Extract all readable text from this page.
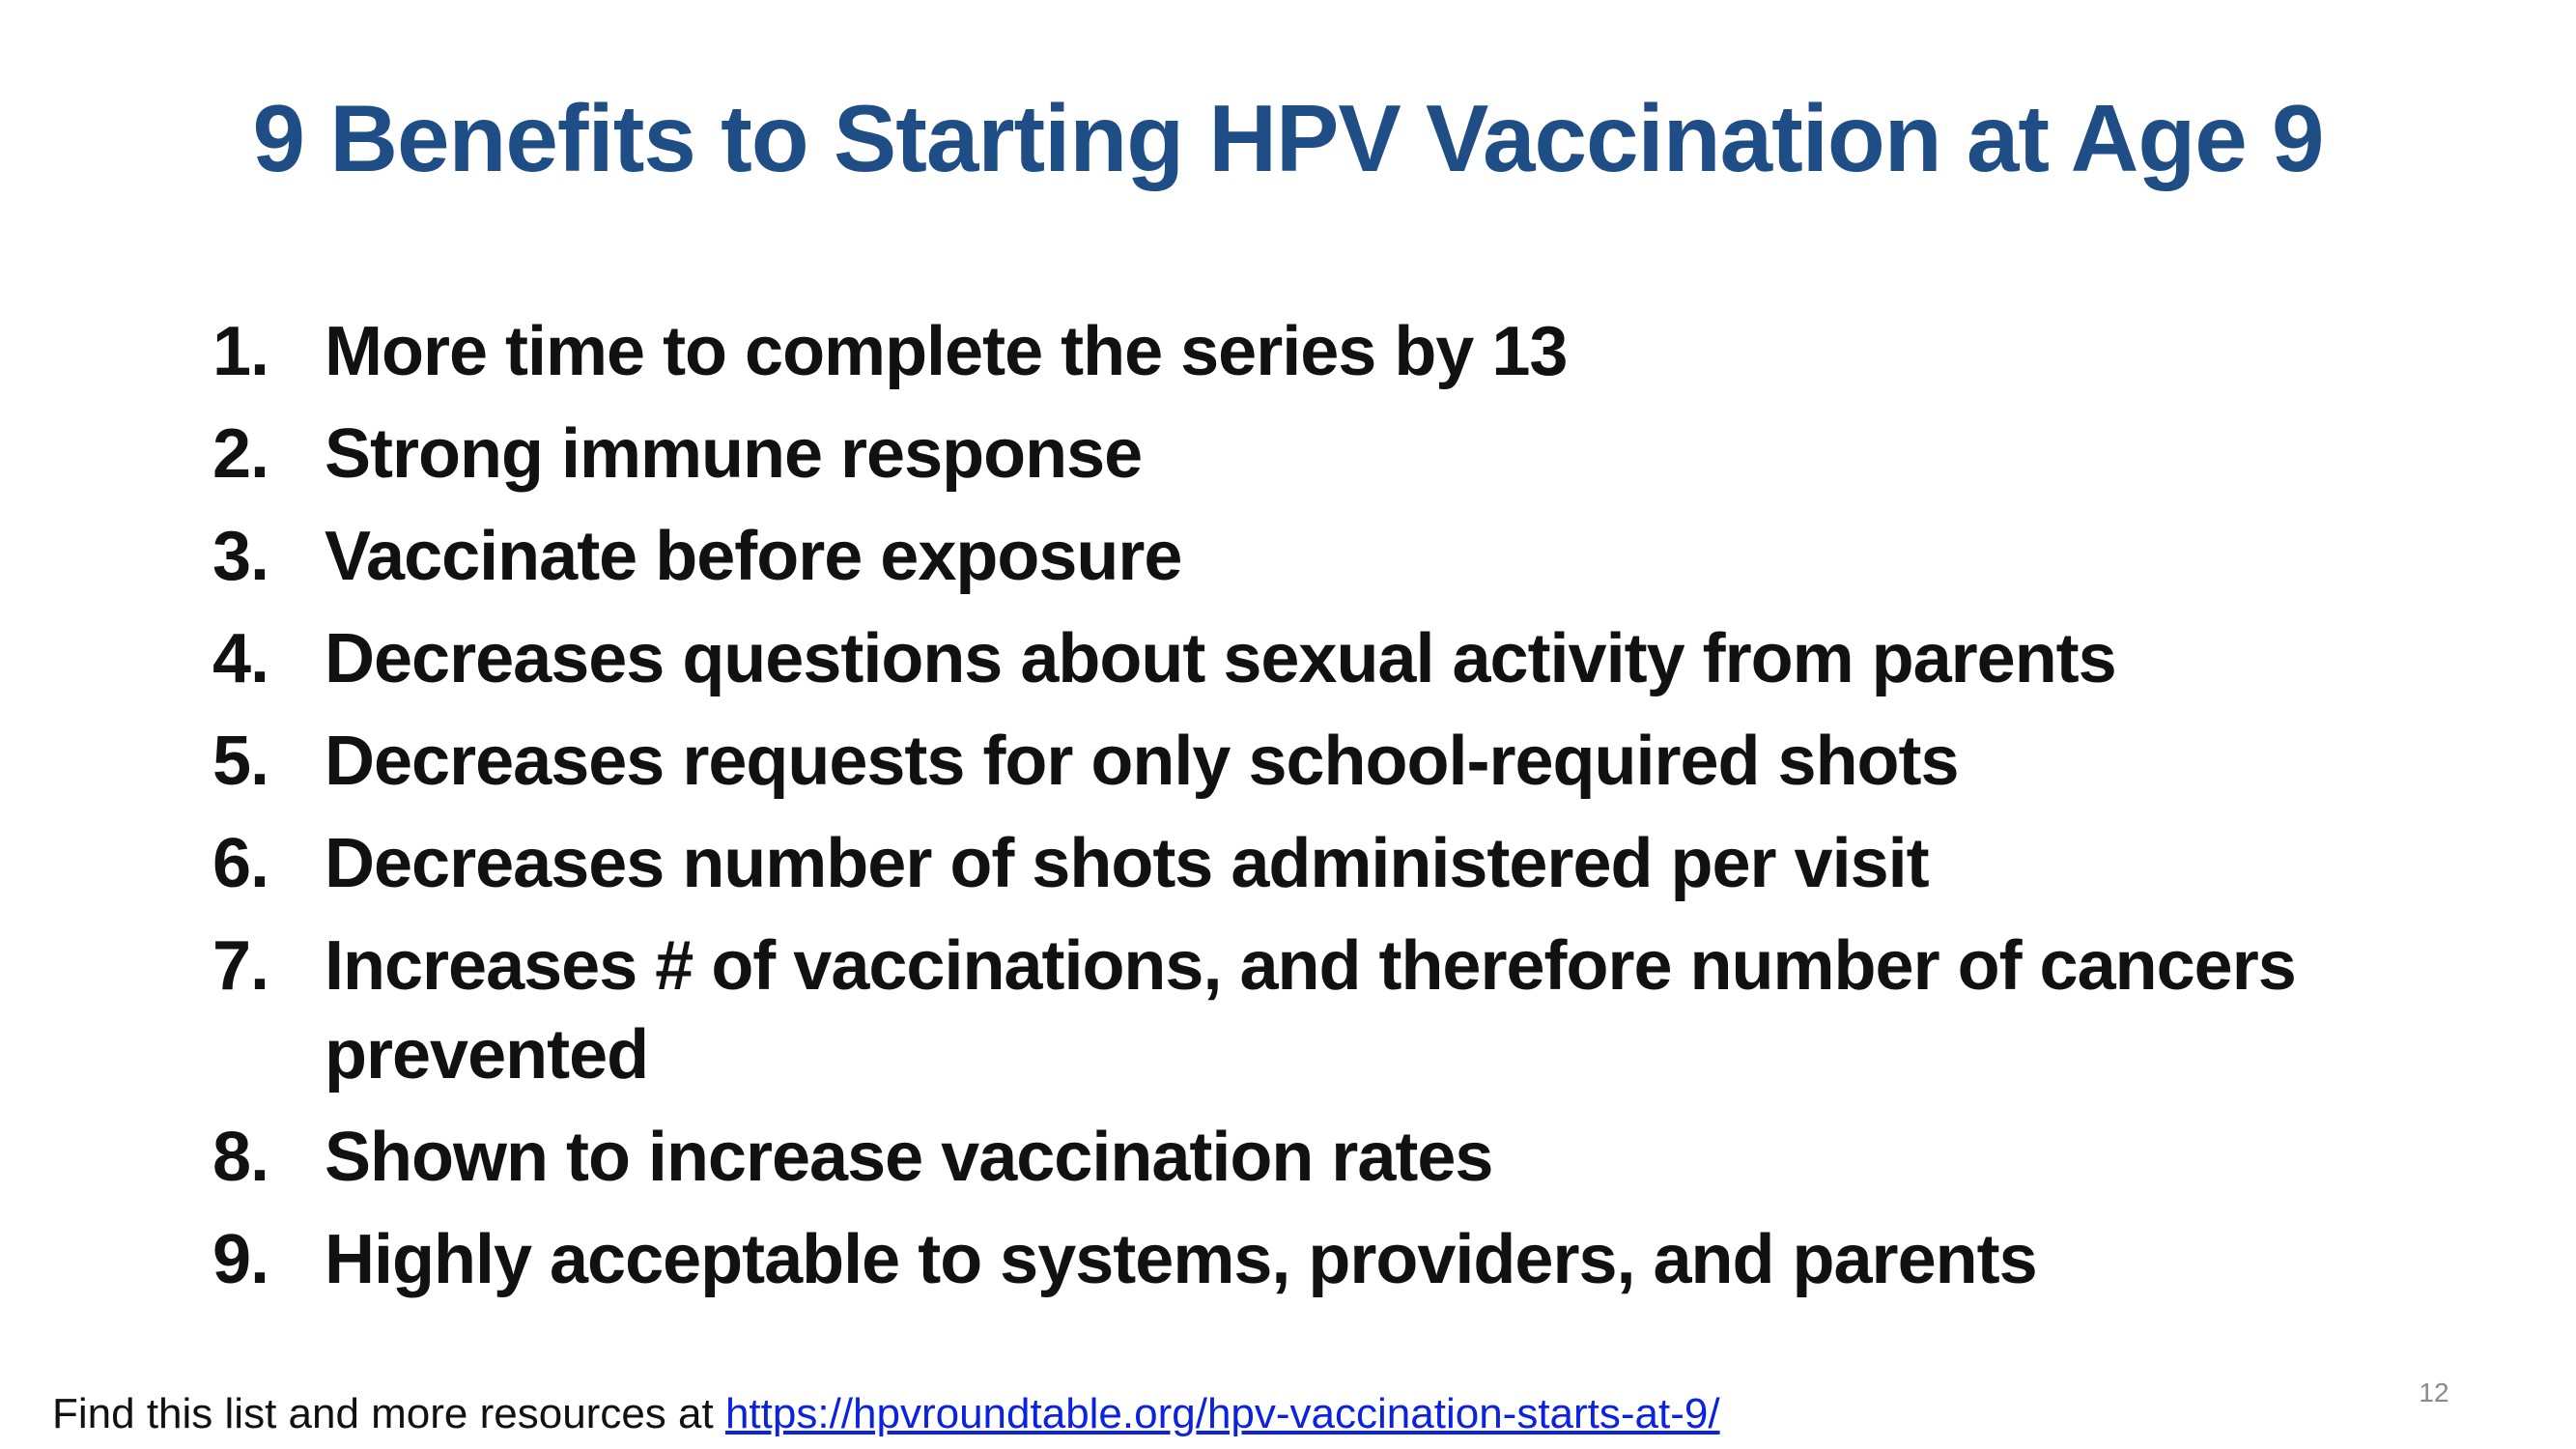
9 Benefits to Starting HPV Vaccination at Age 9
1. More time to complete the series by 13
2. Strong immune response
3. Vaccinate before exposure
4. Decreases questions about sexual activity from parents
5. Decreases requests for only school-required shots
6. Decreases number of shots administered per visit
7. Increases # of vaccinations, and therefore number of cancers prevented
8. Shown to increase vaccination rates
9. Highly acceptable to systems, providers, and parents
Find this list and more resources at https://hpvroundtable.org/hpv-vaccination-starts-at-9/	12
